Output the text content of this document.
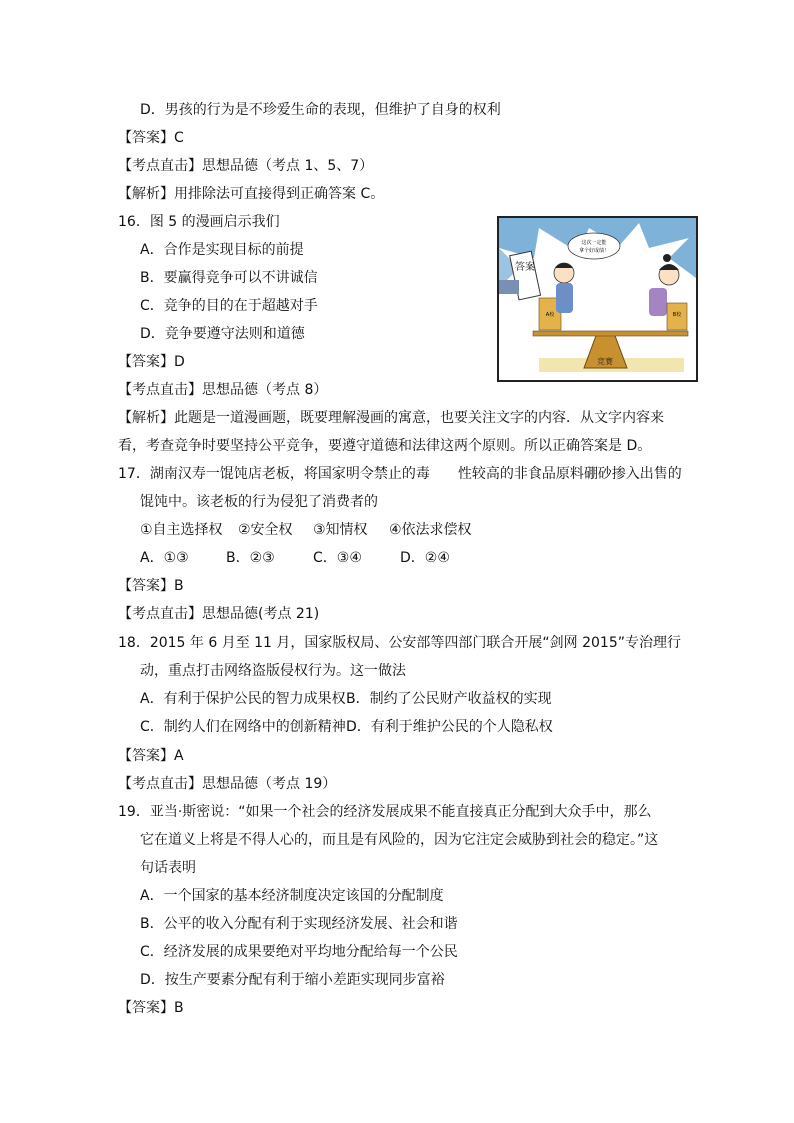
D．男孩的行为是不珍爱生命的表现，但维护了自身的权利
【答案】C
【考点直击】思想品德（考点 1、5、7）
【解析】用排除法可直接得到正确答案 C。
16．图 5 的漫画启示我们
A．合作是实现目标的前提
B．要赢得竞争可以不讲诚信
C．竞争的目的在于超越对手
D．竞争要遵守法则和道德
【答案】D
【考点直击】思想品德（考点 8）
【解析】此题是一道漫画题，既要理解漫画的寓意，也要关注文字的内容．从文字内容来
看，考查竞争时要坚持公平竞争，要遵守道德和法律这两个原则。所以正确答案是 D。
竞赛
答案
A校
这次一定能
拿个好成绩！
B校
17．湖南汉寿一馄饨店老板，将国家明令禁止的毒　　性较高的非食品原料硼砂掺入出售的
馄饨中。该老板的行为侵犯了消费者的
①自主选择权 ②安全权 ③知情权 ④依法求偿权
A．①③	B．②③	C．③④	D．②④
【答案】B
【考点直击】思想品德(考点 21)
18．2015 年 6 月至 11 月，国家版权局、公安部等四部门联合开展“剑网 2015”专治理行
动，重点打击网络盗版侵权行为。这一做法
A．有利于保护公民的智力成果权 B．制约了公民财产收益权的实现
C．制约人们在网络中的创新精神 D．有利于维护公民的个人隐私权
【答案】A
【考点直击】思想品德（考点 19）
19．亚当·斯密说：“如果一个社会的经济发展成果不能直接真正分配到大众手中，那么
它在道义上将是不得人心的，而且是有风险的，因为它注定会威胁到社会的稳定。”这
句话表明
A．一个国家的基本经济制度决定该国的分配制度
B．公平的收入分配有利于实现经济发展、社会和谐
C．经济发展的成果要绝对平均地分配给每一个公民
D．按生产要素分配有利于缩小差距实现同步富裕
【答案】B
